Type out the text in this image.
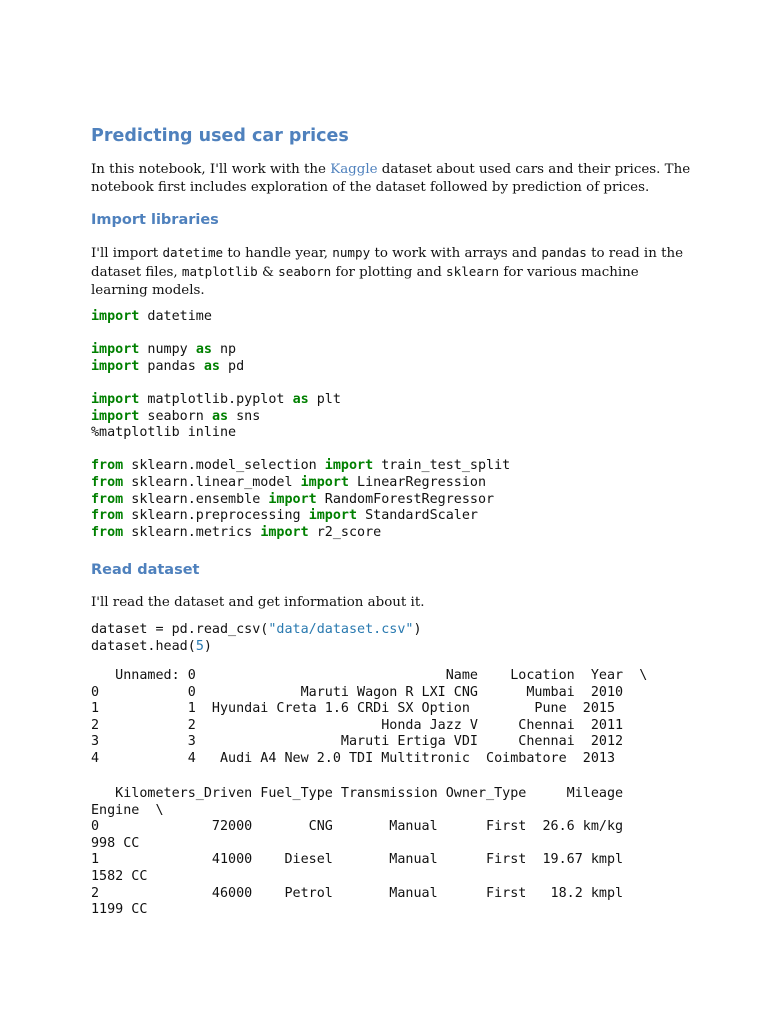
Predicting used car prices

In this notebook, I'll work with the Kaggle dataset about used cars and their prices. The notebook first includes exploration of the dataset followed by prediction of prices.

Import libraries

I'll import datetime to handle year, numpy to work with arrays and pandas to read in the dataset files, matplotlib & seaborn for plotting and sklearn for various machine learning models.

import datetime

import numpy as np
import pandas as pd

import matplotlib.pyplot as plt
import seaborn as sns
%matplotlib inline

from sklearn.model_selection import train_test_split
from sklearn.linear_model import LinearRegression
from sklearn.ensemble import RandomForestRegressor
from sklearn.preprocessing import StandardScaler
from sklearn.metrics import r2_score
Read dataset

I'll read the dataset and get information about it.

dataset = pd.read_csv("data/dataset.csv")
dataset.head(5)
Unnamed: 0                               Name    Location  Year  \
0           0             Maruti Wagon R LXI CNG      Mumbai  2010
1           1  Hyundai Creta 1.6 CRDi SX Option        Pune  2015
2           2                       Honda Jazz V     Chennai  2011
3           3                  Maruti Ertiga VDI     Chennai  2012
4           4   Audi A4 New 2.0 TDI Multitronic  Coimbatore  2013
Kilometers_Driven Fuel_Type Transmission Owner_Type     Mileage
Engine  \
0              72000       CNG       Manual      First  26.6 km/kg
998 CC
1              41000    Diesel       Manual      First  19.67 kmpl
1582 CC
2              46000    Petrol       Manual      First   18.2 kmpl
1199 CC
